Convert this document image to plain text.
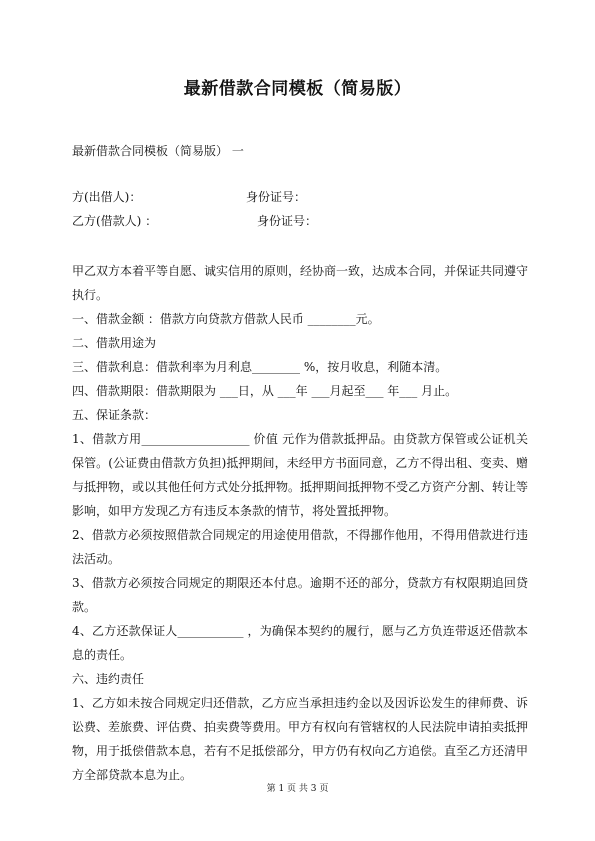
最新借款合同模板（简易版）
最新借款合同模板（简易版） 一
方(出借人)：	身份证号：
乙方(借款人) ：	身份证号：

甲乙双方本着平等自愿、诚实信用的原则，经协商一致，达成本合同，并保证共同遵守执行。

一、借款金额 ：借款方向贷款方借款人民币 ________元。

二、借款用途为

三、借款利息：借款利率为月利息________ %，按月收息，利随本清。

四、借款期限：借款期限为 ___日，从 ___年 ___月起至___ 年___ 月止。

五、保证条款：

1、借款方用__________________ 价值 元作为借款抵押品。由贷款方保管或公证机关保管。(公证费由借款方负担)抵押期间，未经甲方书面同意，乙方不得出租、变卖、赠与抵押物，或以其他任何方式处分抵押物。抵押期间抵押物不受乙方资产分割、转让等影响，如甲方发现乙方有违反本条款的情节，将处置抵押物。

2、借款方必须按照借款合同规定的用途使用借款，不得挪作他用，不得用借款进行违法活动。

3、借款方必须按合同规定的期限还本付息。逾期不还的部分，贷款方有权限期追回贷款。

4、乙方还款保证人___________ ，为确保本契约的履行，愿与乙方负连带返还借款本息的责任。

六、违约责任

1、乙方如未按合同规定归还借款，乙方应当承担违约金以及因诉讼发生的律师费、诉讼费、差旅费、评估费、拍卖费等费用。甲方有权向有管辖权的人民法院申请拍卖抵押物，用于抵偿借款本息，若有不足抵偿部分，甲方仍有权向乙方追偿。直至乙方还清甲方全部贷款本息为止。

第 1 页 共 3 页
